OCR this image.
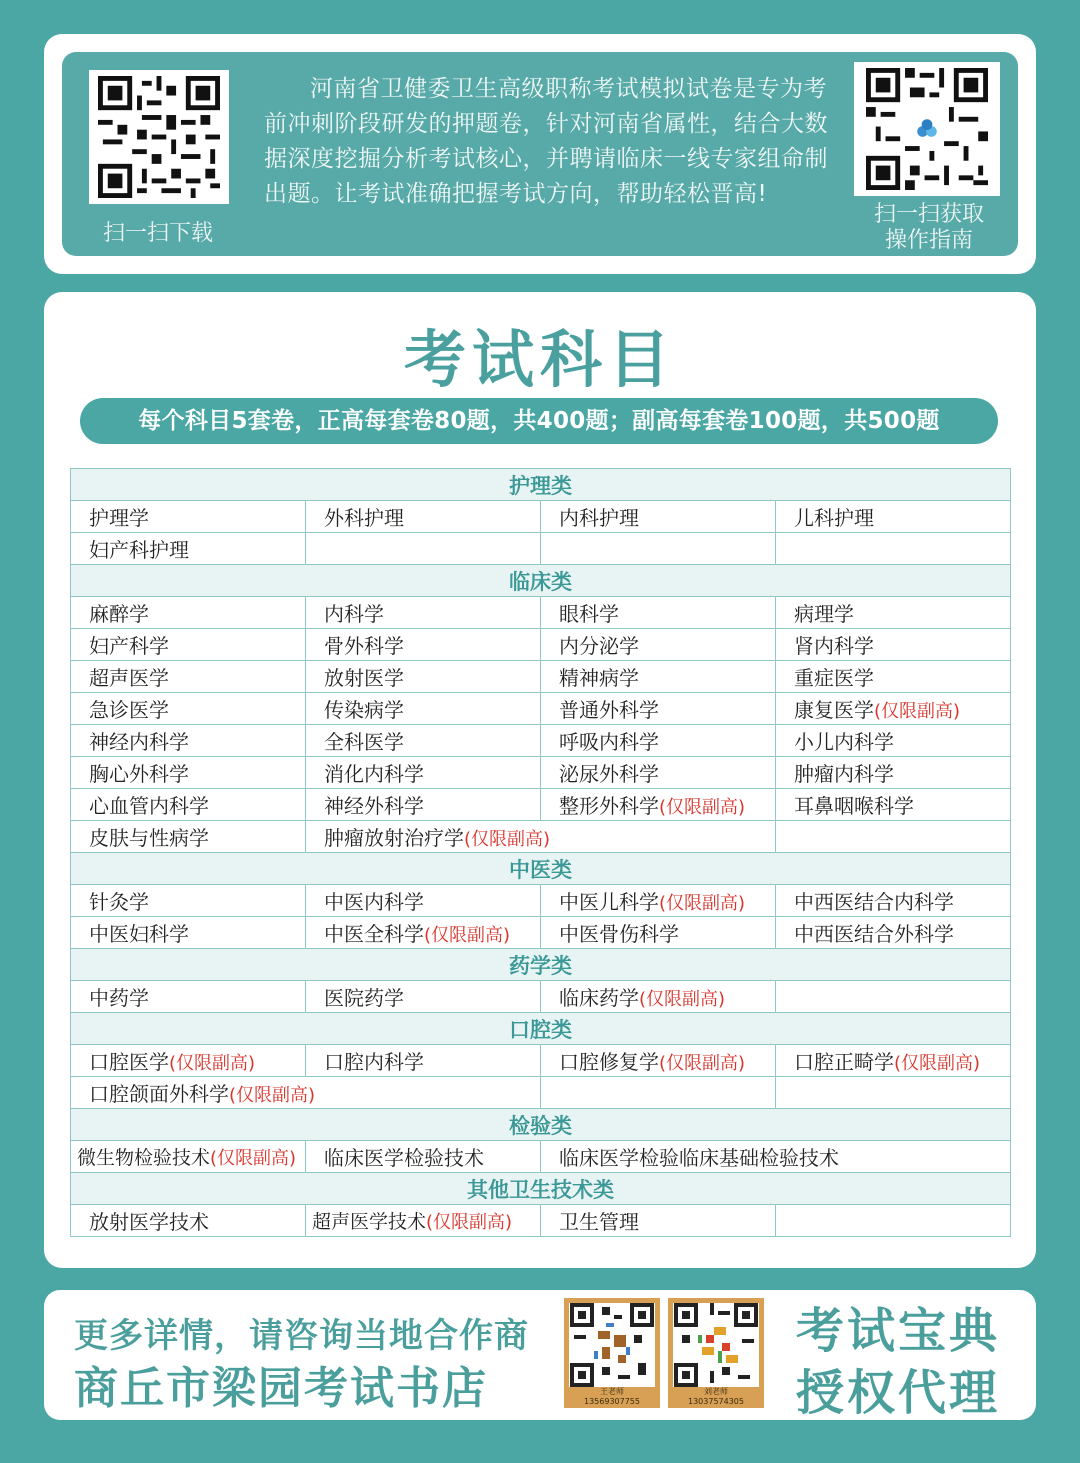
扫一扫下载

河南省卫健委卫生高级职称考试模拟试卷是专为考前冲刺阶段研发的押题卷，针对河南省属性，结合大数据深度挖掘分析考试核心，并聘请临床一线专家组命制出题。让考试准确把握考试方向，帮助轻松晋高!

扫一扫获取
操作指南
考试科目
每个科目5套卷，正高每套卷80题，共400题；副高每套卷100题，共500题
护理类			
护理学	外科护理	内科护理	儿科护理
妇产科护理			
临床类			
麻醉学	内科学	眼科学	病理学
妇产科学	骨外科学	内分泌学	肾内科学
超声医学	放射医学	精神病学	重症医学
急诊医学	传染病学	普通外科学	康复医学(仅限副高)
神经内科学	全科医学	呼吸内科学	小儿内科学
胸心外科学	消化内科学	泌尿外科学	肿瘤内科学
心血管内科学	神经外科学	整形外科学(仅限副高)	耳鼻咽喉科学
皮肤与性病学	肿瘤放射治疗学(仅限副高)		
中医类			
针灸学	中医内科学	中医儿科学(仅限副高)	中西医结合内科学
中医妇科学	中医全科学(仅限副高)	中医骨伤科学	中西医结合外科学
药学类			
中药学	医院药学	临床药学(仅限副高)	
口腔类			
口腔医学(仅限副高)	口腔内科学	口腔修复学(仅限副高)	口腔正畸学(仅限副高)
口腔颌面外科学(仅限副高)			
检验类			
微生物检验技术(仅限副高)	临床医学检验技术	临床医学检验临床基础检验技术	
其他卫生技术类			
放射医学技术	超声医学技术(仅限副高)	卫生管理	
更多详情，请咨询当地合作商
商丘市梁园考试书店	王老师
13569307755
刘老师
13037574305
考试宝典
授权代理
